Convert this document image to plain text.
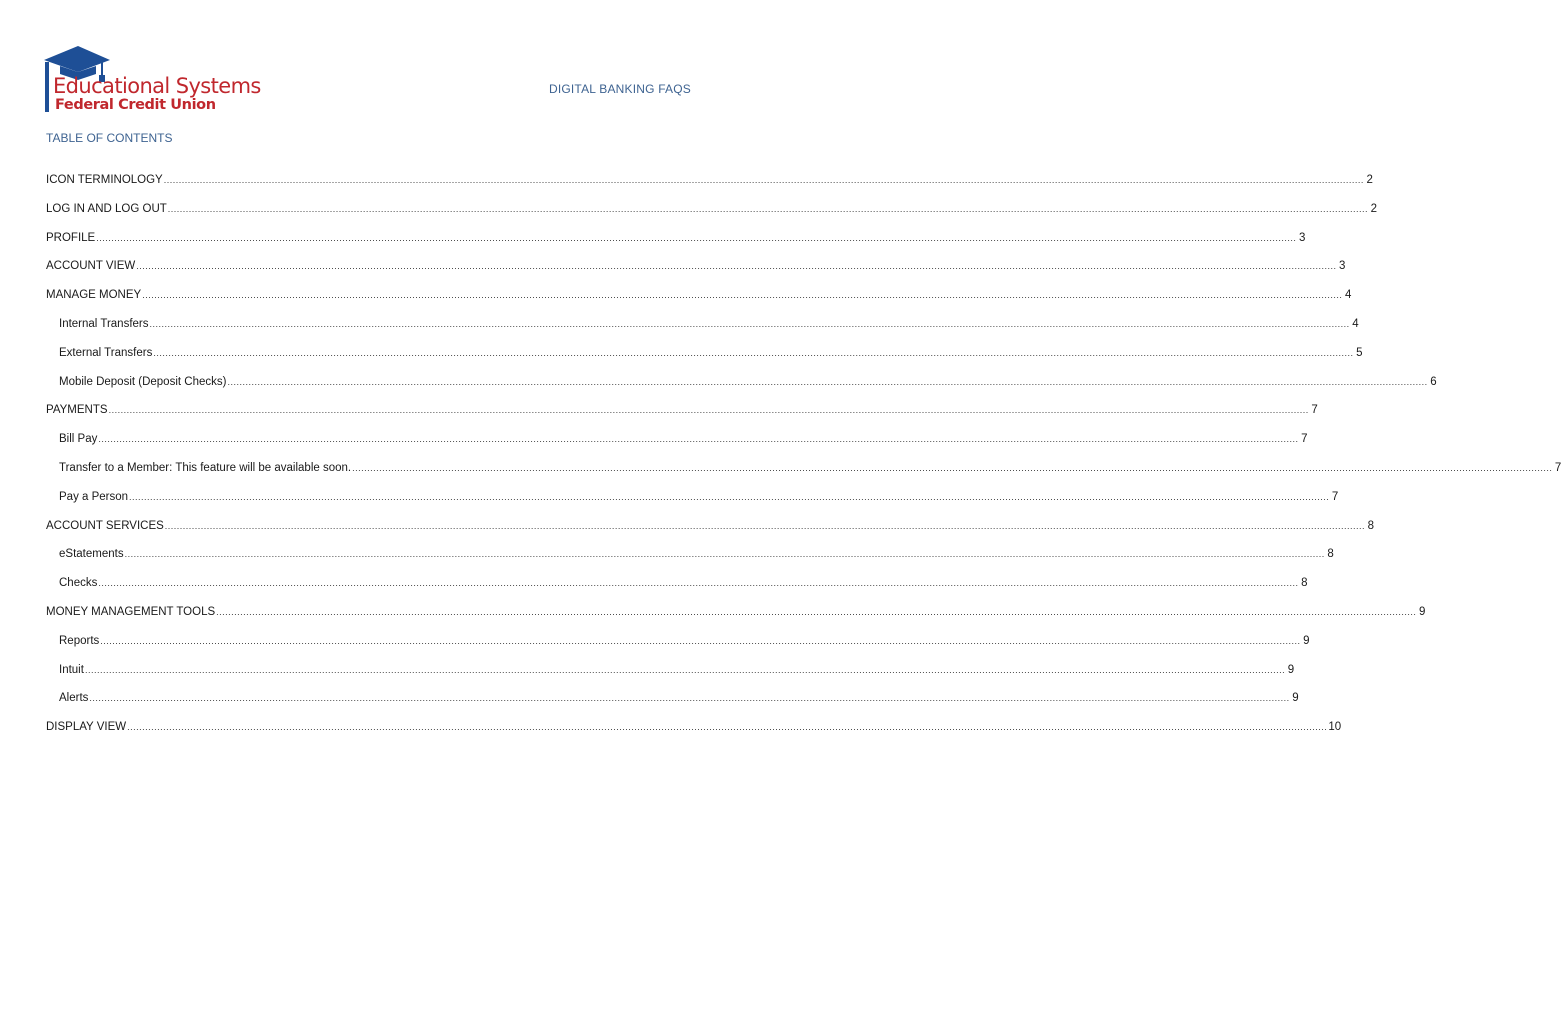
Educational Systems
Federal Credit Union
DIGITAL BANKING FAQS
TABLE OF CONTENTS
ICON TERMINOLOGY ................................................................................................................................................................................................................................................................................................................................................................................................................ 2
LOG IN AND LOG OUT ................................................................................................................................................................................................................................................................................................................................................................................................................ 2
PROFILE ................................................................................................................................................................................................................................................................................................................................................................................................................ 3
ACCOUNT VIEW ................................................................................................................................................................................................................................................................................................................................................................................................................ 3
MANAGE MONEY ................................................................................................................................................................................................................................................................................................................................................................................................................ 4
Internal Transfers ................................................................................................................................................................................................................................................................................................................................................................................................................ 4
External Transfers ................................................................................................................................................................................................................................................................................................................................................................................................................ 5
Mobile Deposit (Deposit Checks) ................................................................................................................................................................................................................................................................................................................................................................................................................ 6
PAYMENTS ................................................................................................................................................................................................................................................................................................................................................................................................................ 7
Bill Pay ................................................................................................................................................................................................................................................................................................................................................................................................................ 7
Transfer to a Member: This feature will be available soon. ................................................................................................................................................................................................................................................................................................................................................................................................................ 7
Pay a Person ................................................................................................................................................................................................................................................................................................................................................................................................................ 7
ACCOUNT SERVICES ................................................................................................................................................................................................................................................................................................................................................................................................................ 8
eStatements ................................................................................................................................................................................................................................................................................................................................................................................................................ 8
Checks ................................................................................................................................................................................................................................................................................................................................................................................................................ 8
MONEY MANAGEMENT TOOLS ................................................................................................................................................................................................................................................................................................................................................................................................................ 9
Reports ................................................................................................................................................................................................................................................................................................................................................................................................................ 9
Intuit ................................................................................................................................................................................................................................................................................................................................................................................................................ 9
Alerts ................................................................................................................................................................................................................................................................................................................................................................................................................ 9
DISPLAY VIEW ................................................................................................................................................................................................................................................................................................................................................................................................................ 10
